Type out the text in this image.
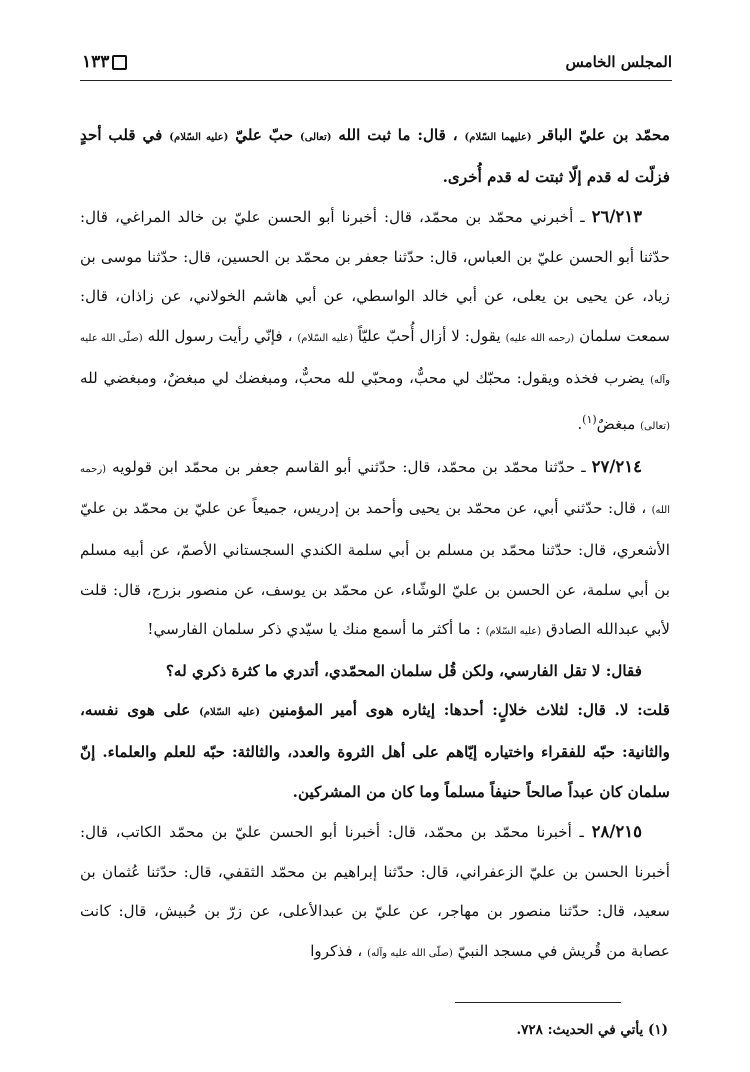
المجلس الخامس
١٣٣

محمّد بن عليّ الباقر (عليهما السّلام) ، قال: ما ثبت الله (تعالى) حبّ عليّ (عليه السّلام) في قلب أحدٍ فزلّت له قدم إلّا ثبتت له قدم أُخرى.

٢٦/٢١٣ ـ أخبرني محمّد بن محمّد، قال: أخبرنا أبو الحسن عليّ بن خالد المراغي، قال: حدّثنا أبو الحسن عليّ بن العباس، قال: حدّثنا جعفر بن محمّد بن الحسين، قال: حدّثنا موسى بن زياد، عن يحيى بن يعلى، عن أبي خالد الواسطي، عن أبي هاشم الخولاني، عن زاذان، قال: سمعت سلمان (رحمه الله عليه) يقول: لا أزال أُحبّ عليّاً (عليه السّلام) ، فإنّي رأيت رسول الله (صلّى الله عليه وآله) يضرب فخذه ويقول: محبّك لي محبٌّ، ومحبّي لله محبٌّ، ومبغضك لي مبغضٌ، ومبغضي لله (تعالى) مبغضٌ$^{(١)}$.

٢٧/٢١٤ ـ حدّثنا محمّد بن محمّد، قال: حدّثني أبو القاسم جعفر بن محمّد ابن قولويه (رحمه الله) ، قال: حدّثني أبي، عن محمّد بن يحيى وأحمد بن إدريس، جميعاً عن عليّ بن محمّد بن عليّ الأشعري، قال: حدّثنا محمّد بن مسلم بن أبي سلمة الكندي السجستاني الأصمّ، عن أبيه مسلم بن أبي سلمة، عن الحسن بن عليّ الوشّاء، عن محمّد بن يوسف، عن منصور بزرج، قال: قلت لأبي عبدالله الصادق (عليه السّلام) : ما أكثر ما أسمع منك يا سيّدي ذكر سلمان الفارسي!

فقال: لا تقل الفارسي، ولكن قُل سلمان المحمّدي، أتدري ما كثرة ذكري له؟

قلت: لا. قال: لثلاث خلالٍ: أحدها: إيثاره هوى أمير المؤمنين (عليه السّلام) على هوى نفسه، والثانية: حبّه للفقراء واختياره إيّاهم على أهل الثروة والعدد، والثالثة: حبّه للعلم والعلماء. إنّ سلمان كان عبداً صالحاً حنيفاً مسلماً وما كان من المشركين.

٢٨/٢١٥ ـ أخبرنا محمّد بن محمّد، قال: أخبرنا أبو الحسن عليّ بن محمّد الكاتب، قال: أخبرنا الحسن بن عليّ الزعفراني، قال: حدّثنا إبراهيم بن محمّد الثقفي، قال: حدّثنا عُثمان بن سعيد، قال: حدّثنا منصور بن مهاجر، عن عليّ بن عبدالأعلى، عن زرّ بن حُبيش، قال: كانت عصابة من قُريش في مسجد النبيّ (صلّى الله عليه وآله) ، فذكروا

(١) يأتي في الحديث: ٧٢٨.
